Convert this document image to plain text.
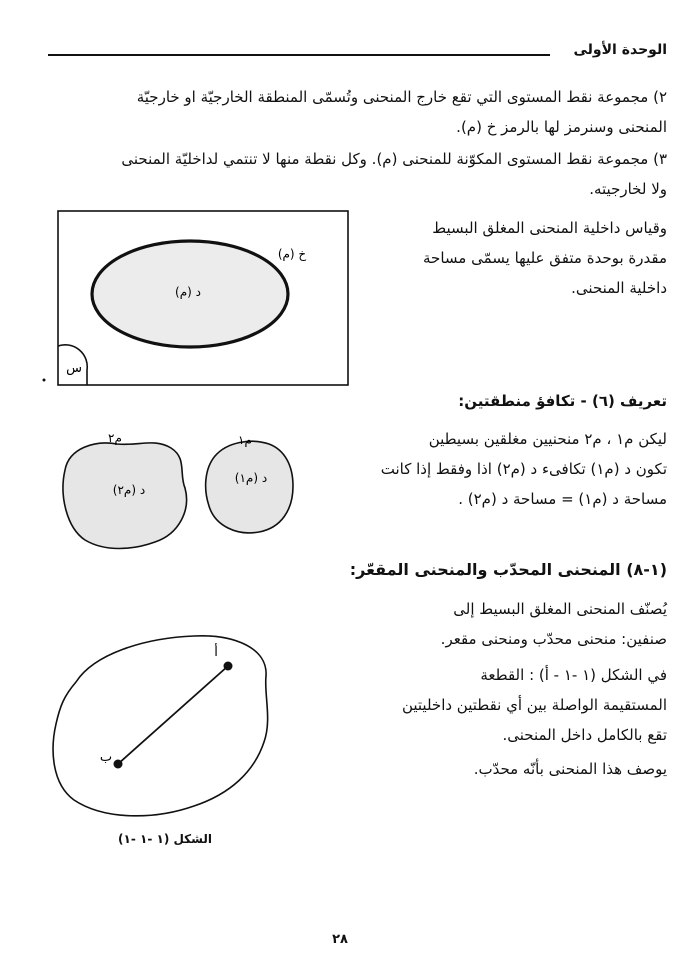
الوحدة الأولى
٢) مجموعة نقط المستوى التي تقع خارج المنحنى وتُسمّى المنطقة الخارجيّة او خارجيّة
المنحنى وسنرمز لها بالرمز خ (م).
٣) مجموعة نقط المستوى المكوّنة للمنحنى (م). وكل نقطة منها لا تنتمي لداخليّة المنحنى
ولا لخارجيته.
س
د (م)
خ (م)
وقياس داخلية المنحنى المغلق البسيط
مقدرة بوحدة متفق عليها يسمّى مساحة
داخلية المنحنى.
تعريف (٦) - تكافؤ منطقتين:
ليكن م١ ، م٢ منحنيين مغلقين بسيطين
تكون د (م١) تكافىء د (م٢) اذا وفقط إذا كانت
مساحة د (م١) = مساحة د (م٢) .
م٢
د (م٢)
م١
د (م١)
(١-٨) المنحنى المحدّب والمنحنى المقعّر:
يُصنّف المنحنى المغلق البسيط إلى
صنفين: منحنى محدّب ومنحنى مقعر.
في الشكل (١ -١ - أ) : القطعة
المستقيمة الواصلة بين أي نقطتين داخليتين
تقع بالكامل داخل المنحنى.
يوصف هذا المنحنى بأنّه محدّب.
أ
ب
الشكل (١ -١ -١)
٢٨
